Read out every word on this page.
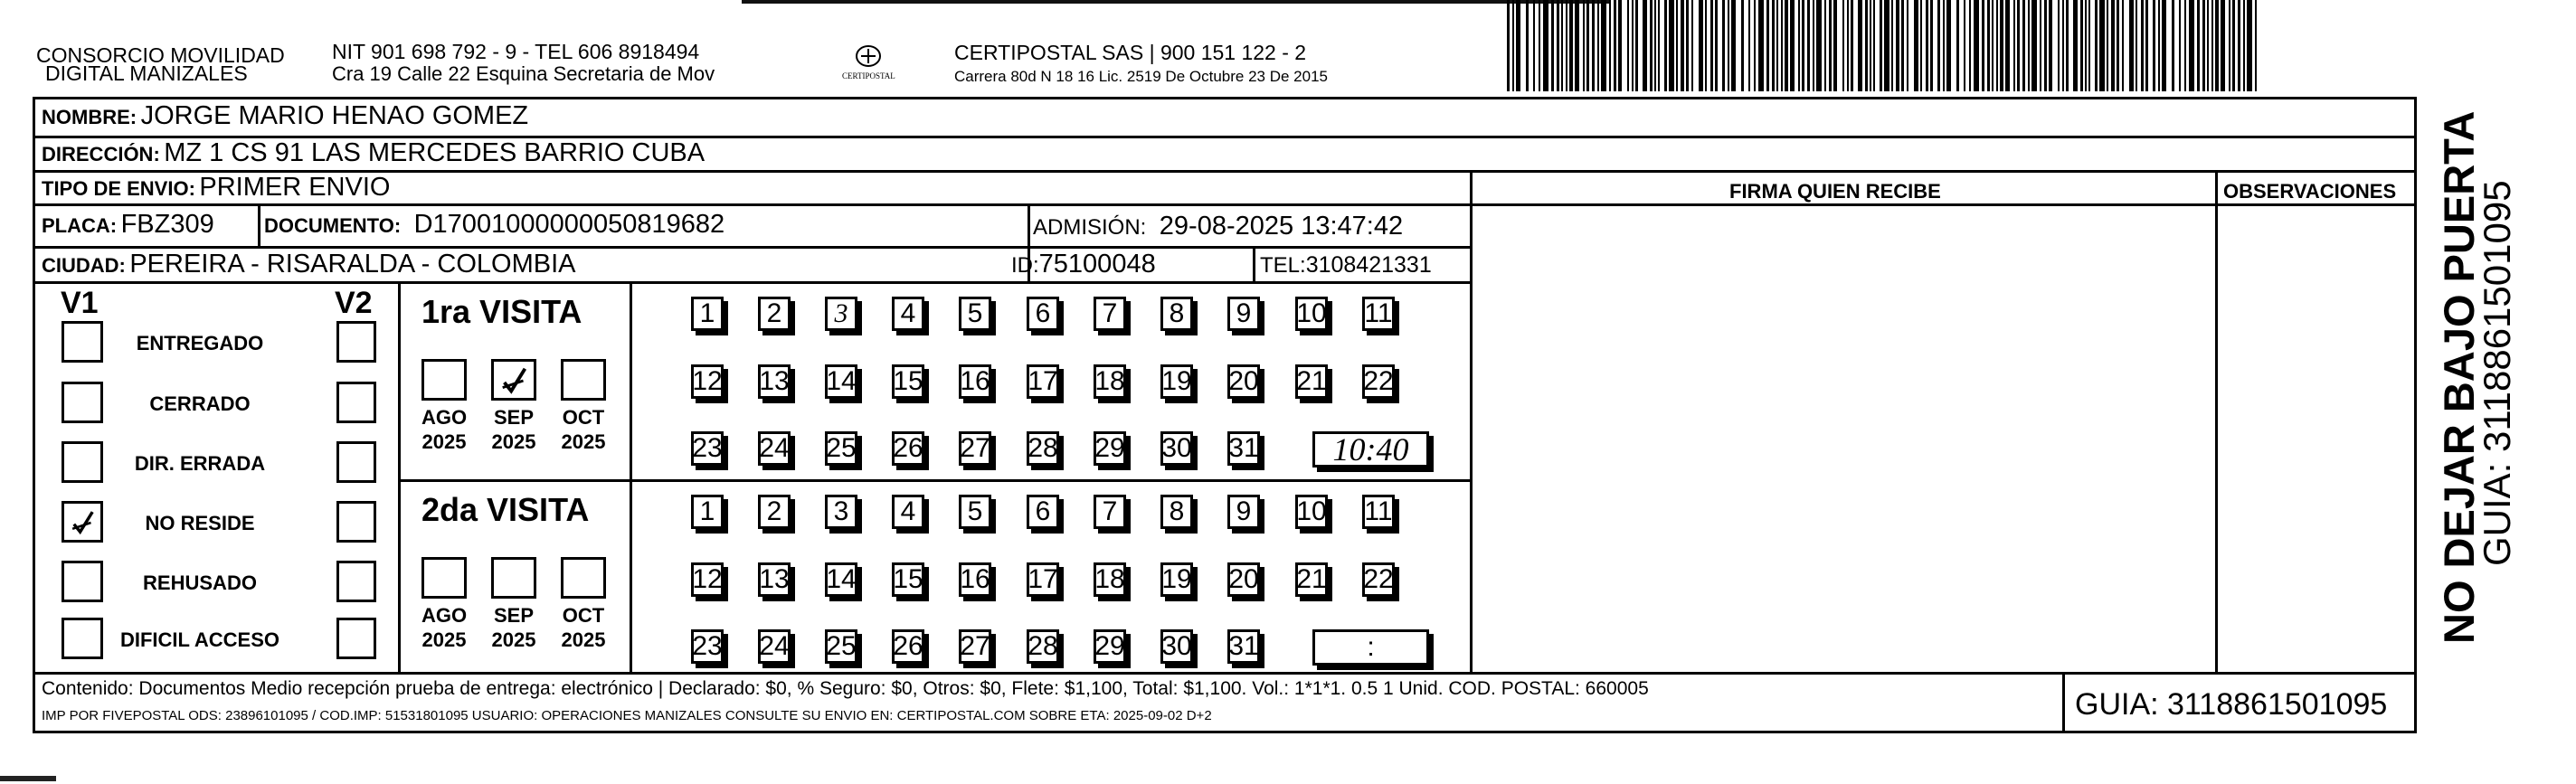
CONSORCIO MOVILIDAD
DIGITAL MANIZALES
NIT 901 698 792 - 9 - TEL 606 8918494
Cra 19 Calle 22 Esquina Secretaria de Mov	CERTIPOSTAL
CERTIPOSTAL SAS | 900 151 122 - 2
Carrera 80d N 18 16 Lic. 2519 De Octubre 23 De 2015
NOMBRE: JORGE MARIO HENAO GOMEZ
DIRECCIÓN: MZ 1 CS 91 LAS MERCEDES BARRIO CUBA
TIPO DE ENVIO: PRIMER ENVIO
PLACA: FBZ309	DOCUMENTO: D17001000000050819682	ADMISIÓN: 29-08-2025 13:47:42
CIUDAD: PEREIRA - RISARALDA - COLOMBIA	ID:75100048	TEL:3108421331
FIRMA QUIEN RECIBE	OBSERVACIONES
V1	V2
ENTREGADO
CERRADO
DIR. ERRADA
NO RESIDE
REHUSADO
DIFICIL ACCESO
1ra VISITA
AGO
2025
SEP
2025
OCT
2025
1 2 3 4 5 6 7 8 9 10 11
12 13 14 15 16 17 18 19 20 21 22
23 24 25 26 27 28 29 30 31 10:40
2da VISITA
AGO
2025
SEP
2025
OCT
2025
1 2 3 4 5 6 7 8 9 10 11
12 13 14 15 16 17 18 19 20 21 22
23 24 25 26 27 28 29 30 31	:
Contenido: Documentos Medio recepción prueba de entrega: electrónico | Declarado: $0, % Seguro: $0, Otros: $0, Flete: $1,100, Total: $1,100. Vol.: 1*1*1. 0.5 1 Unid. COD. POSTAL: 660005
IMP POR FIVEPOSTAL ODS: 23896101095 / COD.IMP: 51531801095 USUARIO: OPERACIONES MANIZALES CONSULTE SU ENVIO EN: CERTIPOSTAL.COM SOBRE ETA: 2025-09-02 D+2	GUIA: 3118861501095
NO DEJAR BAJO PUERTA
GUIA: 3118861501095
